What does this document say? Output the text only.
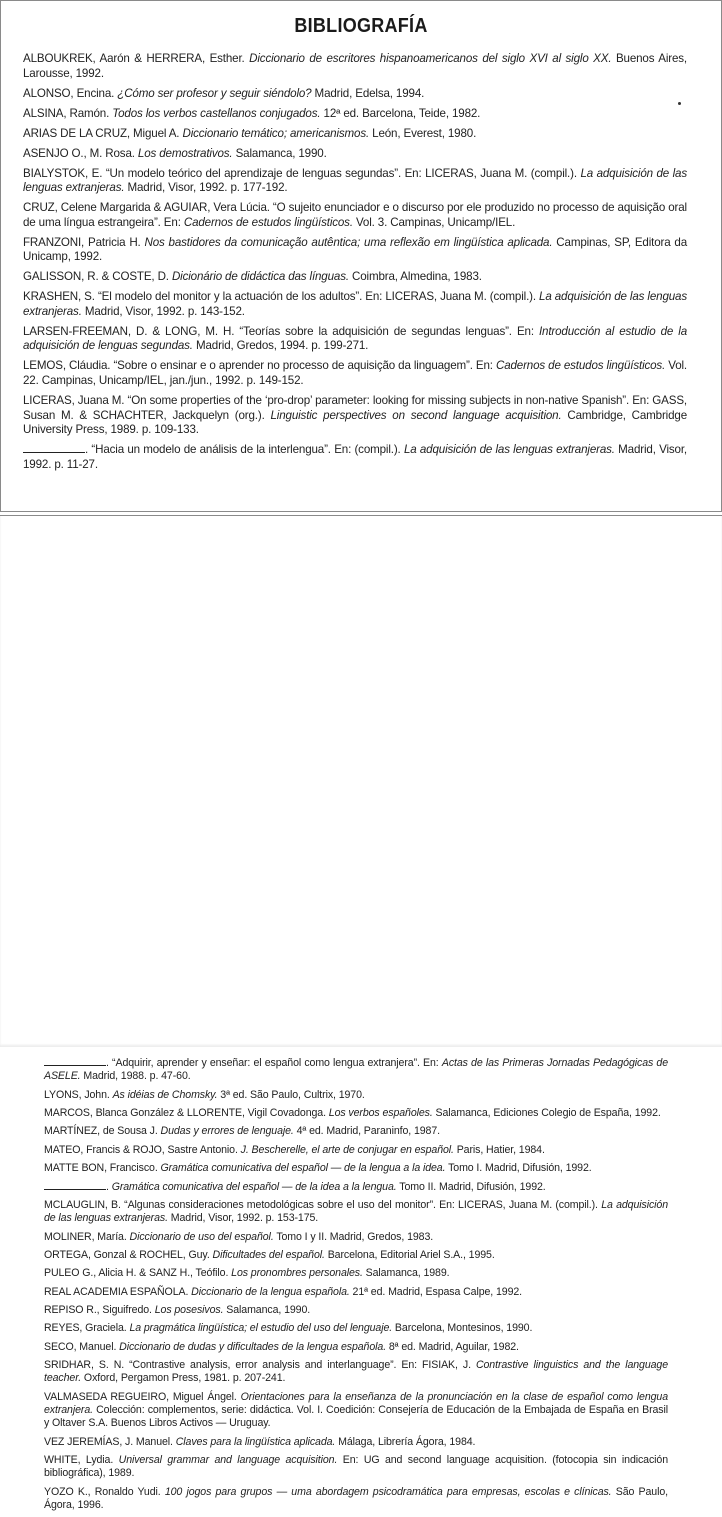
BIBLIOGRAFÍA
ALBOUKREK, Aarón & HERRERA, Esther. Diccionario de escritores hispanoamericanos del siglo XVI al siglo XX. Buenos Aires, Larousse, 1992.
ALONSO, Encina. ¿Cómo ser profesor y seguir siéndolo? Madrid, Edelsa, 1994.
ALSINA, Ramón. Todos los verbos castellanos conjugados. 12ª ed. Barcelona, Teide, 1982.
ARIAS DE LA CRUZ, Miguel A. Diccionario temático; americanismos. León, Everest, 1980.
ASENJO O., M. Rosa. Los demostrativos. Salamanca, 1990.
BIALYSTOK, E. “Un modelo teórico del aprendizaje de lenguas segundas”. En: LICERAS, Juana M. (compil.). La adquisición de las lenguas extranjeras. Madrid, Visor, 1992. p. 177-192.
CRUZ, Celene Margarida & AGUIAR, Vera Lúcia. “O sujeito enunciador e o discurso por ele produzido no processo de aquisição oral de uma língua estrangeira”. En: Cadernos de estudos lingüísticos. Vol. 3. Campinas, Unicamp/IEL.
FRANZONI, Patricia H. Nos bastidores da comunicação autêntica; uma reflexão em lingüística aplicada. Campinas, SP, Editora da Unicamp, 1992.
GALISSON, R. & COSTE, D. Dicionário de didáctica das línguas. Coimbra, Almedina, 1983.
KRASHEN, S. “El modelo del monitor y la actuación de los adultos”. En: LICERAS, Juana M. (compil.). La adquisición de las lenguas extranjeras. Madrid, Visor, 1992. p. 143-152.
LARSEN-FREEMAN, D. & LONG, M. H. “Teorías sobre la adquisición de segundas lenguas”. En: Introducción al estudio de la adquisición de lenguas segundas. Madrid, Gredos, 1994. p. 199-271.
LEMOS, Cláudia. “Sobre o ensinar e o aprender no processo de aquisição da linguagem”. En: Cadernos de estudos lingüísticos. Vol. 22. Campinas, Unicamp/IEL, jan./jun., 1992. p. 149-152.
LICERAS, Juana M. “On some properties of the ‘pro-drop’ parameter: looking for missing subjects in non-native Spanish”. En: GASS, Susan M. & SCHACHTER, Jackquelyn (org.). Linguistic perspectives on second language acquisition. Cambridge, Cambridge University Press, 1989. p. 109-133.
. “Hacia un modelo de análisis de la interlengua”. En: (compil.). La adquisición de las lenguas extranjeras. Madrid, Visor, 1992. p. 11-27.
. “Adquirir, aprender y enseñar: el español como lengua extranjera”. En: Actas de las Primeras Jornadas Pedagógicas de ASELE. Madrid, 1988. p. 47-60.
LYONS, John. As idéias de Chomsky. 3ª ed. São Paulo, Cultrix, 1970.
MARCOS, Blanca González & LLORENTE, Vigil Covadonga. Los verbos españoles. Salamanca, Ediciones Colegio de España, 1992.
MARTÍNEZ, de Sousa J. Dudas y errores de lenguaje. 4ª ed. Madrid, Paraninfo, 1987.
MATEO, Francis & ROJO, Sastre Antonio. J. Bescherelle, el arte de conjugar en español. Paris, Hatier, 1984.
MATTE BON, Francisco. Gramática comunicativa del español — de la lengua a la idea. Tomo I. Madrid, Difusión, 1992.
. Gramática comunicativa del español — de la idea a la lengua. Tomo II. Madrid, Difusión, 1992.
MCLAUGLIN, B. “Algunas consideraciones metodológicas sobre el uso del monitor”. En: LICERAS, Juana M. (compil.). La adquisición de las lenguas extranjeras. Madrid, Visor, 1992. p. 153-175.
MOLINER, María. Diccionario de uso del español. Tomo I y II. Madrid, Gredos, 1983.
ORTEGA, Gonzal & ROCHEL, Guy. Dificultades del español. Barcelona, Editorial Ariel S.A., 1995.
PULEO G., Alicia H. & SANZ H., Teófilo. Los pronombres personales. Salamanca, 1989.
REAL ACADEMIA ESPAÑOLA. Diccionario de la lengua española. 21ª ed. Madrid, Espasa Calpe, 1992.
REPISO R., Siguifredo. Los posesivos. Salamanca, 1990.
REYES, Graciela. La pragmática lingüística; el estudio del uso del lenguaje. Barcelona, Montesinos, 1990.
SECO, Manuel. Diccionario de dudas y dificultades de la lengua española. 8ª ed. Madrid, Aguilar, 1982.
SRIDHAR, S. N. “Contrastive analysis, error analysis and interlanguage”. En: FISIAK, J. Contrastive linguistics and the language teacher. Oxford, Pergamon Press, 1981. p. 207-241.
VALMASEDA REGUEIRO, Miguel Ángel. Orientaciones para la enseñanza de la pronunciación en la clase de español como lengua extranjera. Colección: complementos, serie: didáctica. Vol. I. Coedición: Consejería de Educación de la Embajada de España en Brasil y Oltaver S.A. Buenos Libros Activos — Uruguay.
VEZ JEREMÍAS, J. Manuel. Claves para la lingüística aplicada. Málaga, Librería Ágora, 1984.
WHITE, Lydia. Universal grammar and language acquisition. En: UG and second language acquisition. (fotocopia sin indicación bibliográfica), 1989.
YOZO K., Ronaldo Yudi. 100 jogos para grupos — uma abordagem psicodramática para empresas, escolas e clínicas. São Paulo, Ágora, 1996.
